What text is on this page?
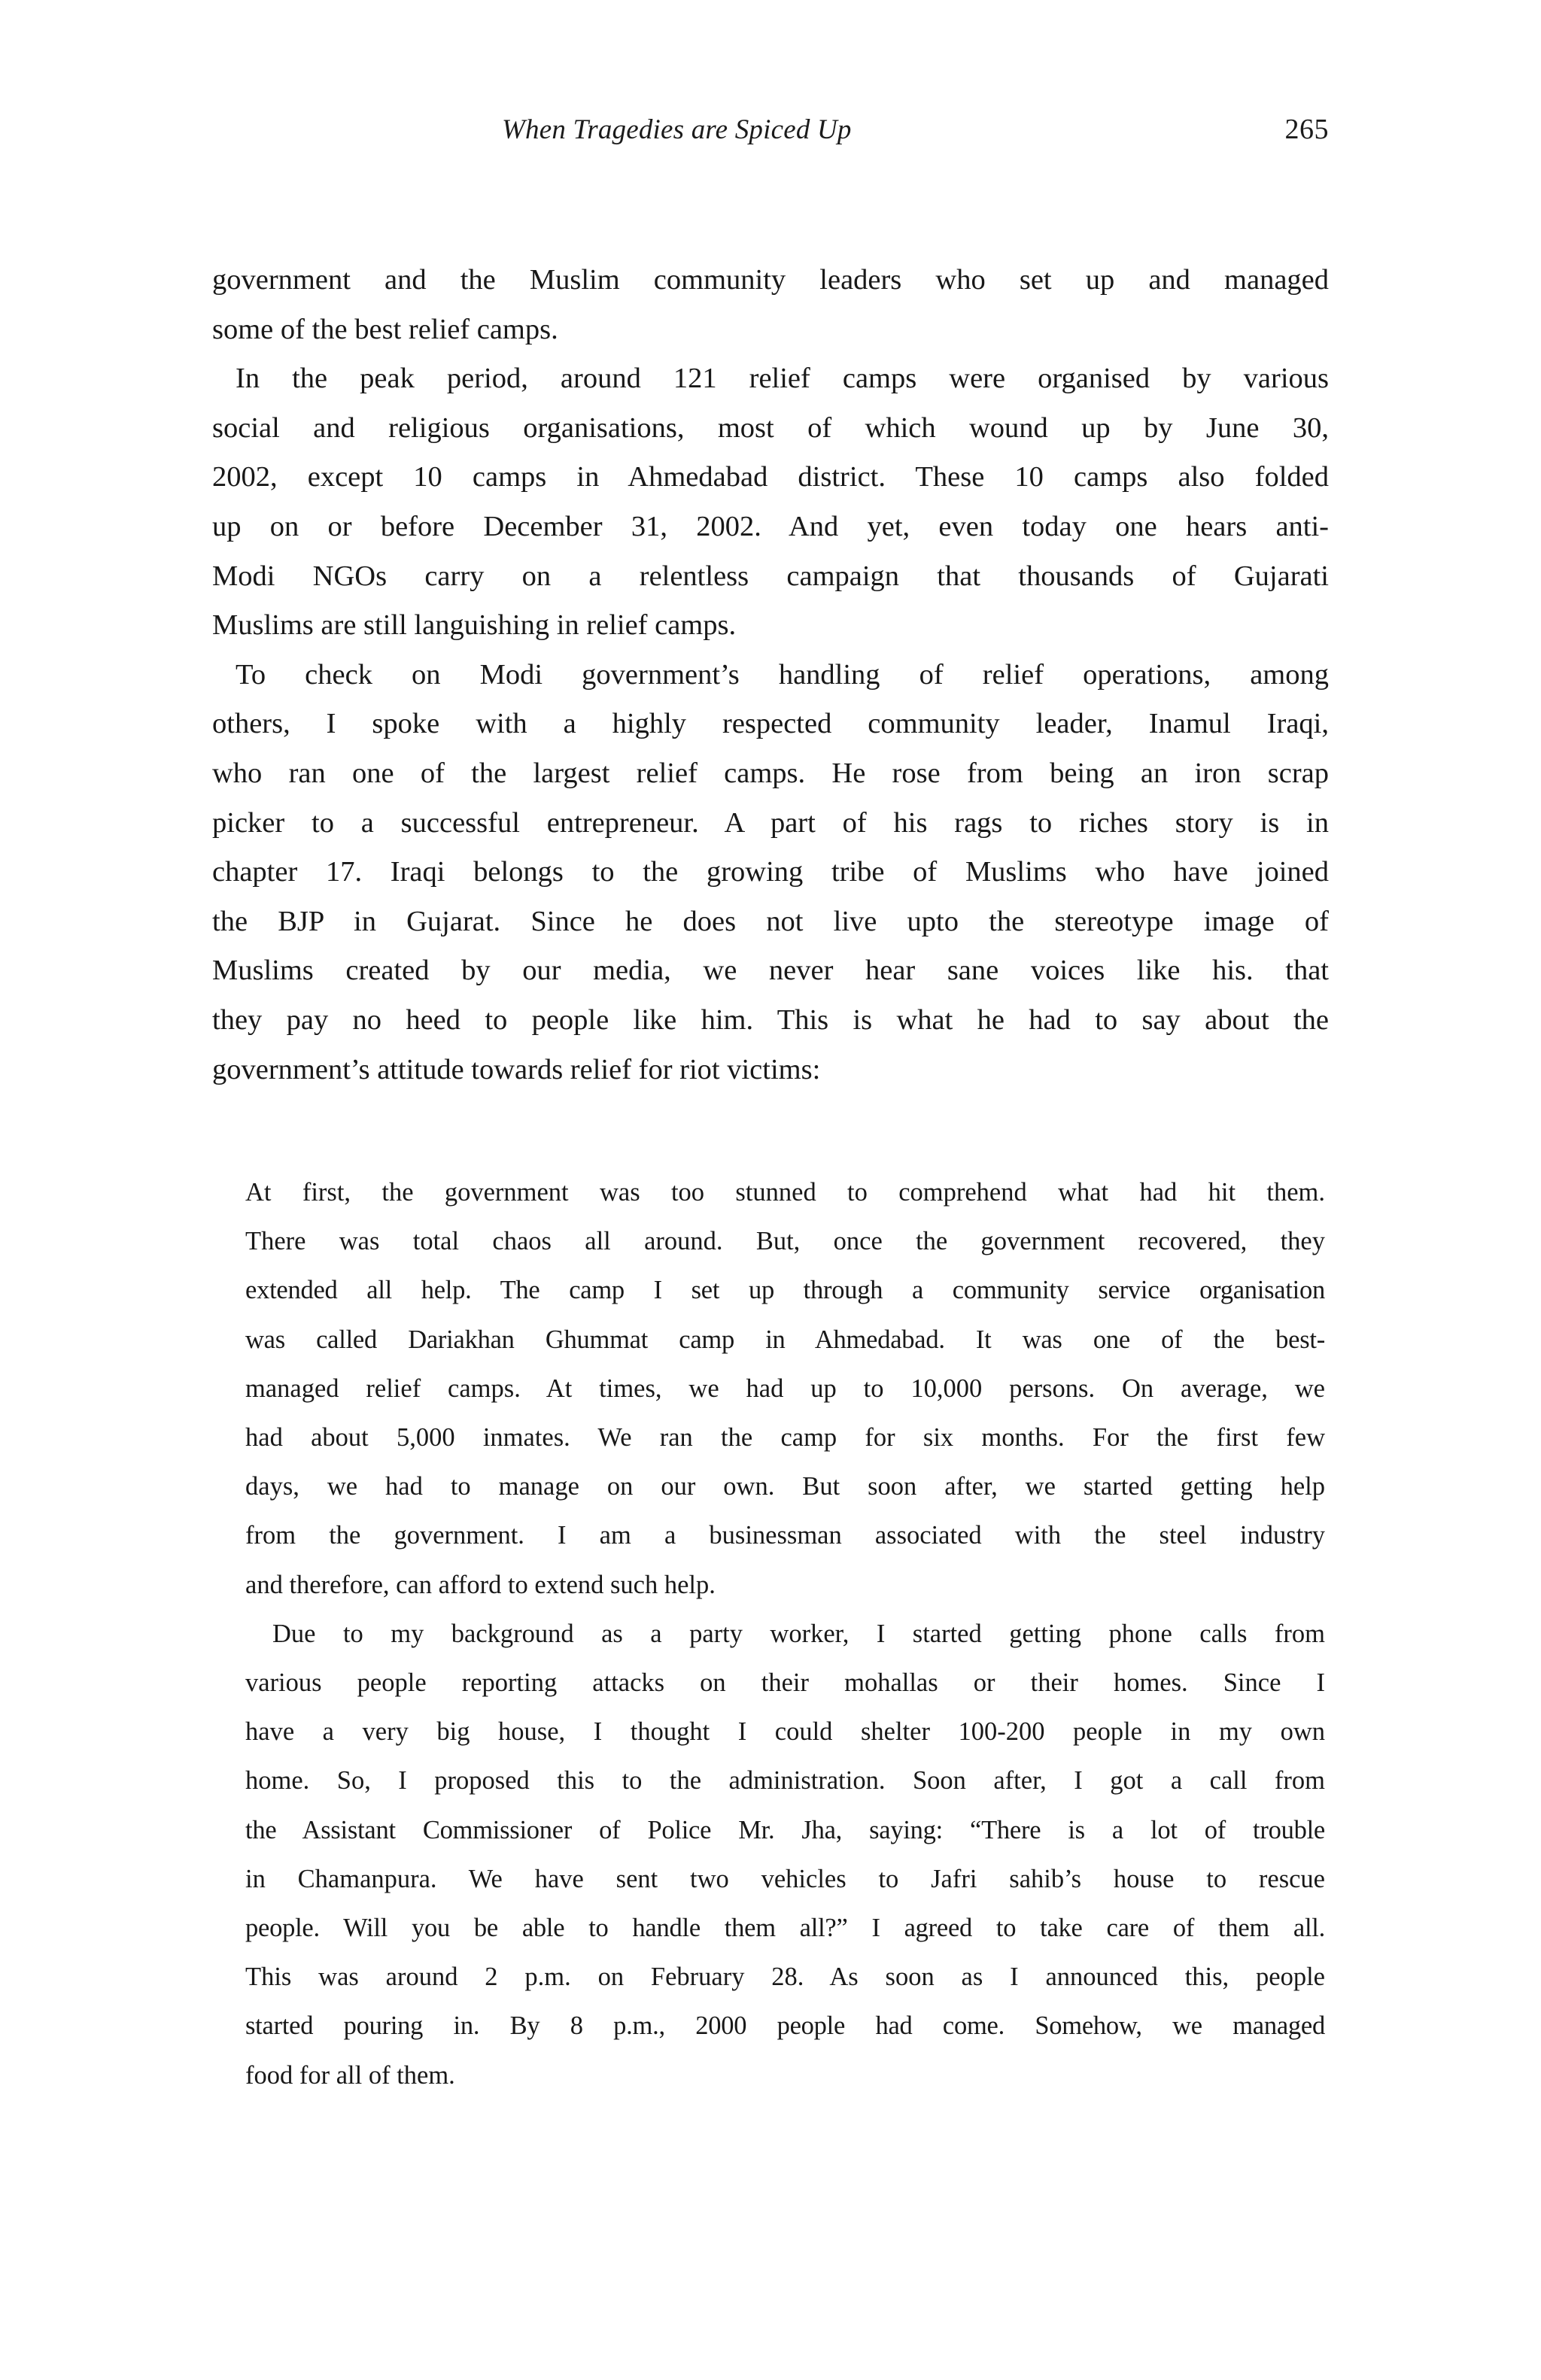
When Tragedies are Spiced Up	265

government and the Muslim community leaders who set up and managed
some of the best relief camps.

In the peak period, around 121 relief camps were organised by various
social and religious organisations, most of which wound up by June 30,
2002, except 10 camps in Ahmedabad district. These 10 camps also folded
up on or before December 31, 2002. And yet, even today one hears anti-
Modi NGOs carry on a relentless campaign that thousands of Gujarati
Muslims are still languishing in relief camps.

To check on Modi government’s handling of relief operations, among
others, I spoke with a highly respected community leader, Inamul Iraqi,
who ran one of the largest relief camps. He rose from being an iron scrap
picker to a successful entrepreneur. A part of his rags to riches story is in
chapter 17. Iraqi belongs to the growing tribe of Muslims who have joined
the BJP in Gujarat. Since he does not live upto the stereotype image of
Muslims created by our media, we never hear sane voices like his. that
they pay no heed to people like him. This is what he had to say about the
government’s attitude towards relief for riot victims:

At first, the government was too stunned to comprehend what had hit them.
There was total chaos all around. But, once the government recovered, they
extended all help. The camp I set up through a community service organisation
was called Dariakhan Ghummat camp in Ahmedabad. It was one of the best-
managed relief camps. At times, we had up to 10,000 persons. On average, we
had about 5,000 inmates. We ran the camp for six months. For the first few
days, we had to manage on our own. But soon after, we started getting help
from the government. I am a businessman associated with the steel industry
and therefore, can afford to extend such help.

Due to my background as a party worker, I started getting phone calls from
various people reporting attacks on their mohallas or their homes. Since I
have a very big house, I thought I could shelter 100-200 people in my own
home. So, I proposed this to the administration. Soon after, I got a call from
the Assistant Commissioner of Police Mr. Jha, saying: “There is a lot of trouble
in Chamanpura. We have sent two vehicles to Jafri sahib’s house to rescue
people. Will you be able to handle them all?” I agreed to take care of them all.
This was around 2 p.m. on February 28. As soon as I announced this, people
started pouring in. By 8 p.m., 2000 people had come. Somehow, we managed
food for all of them.
